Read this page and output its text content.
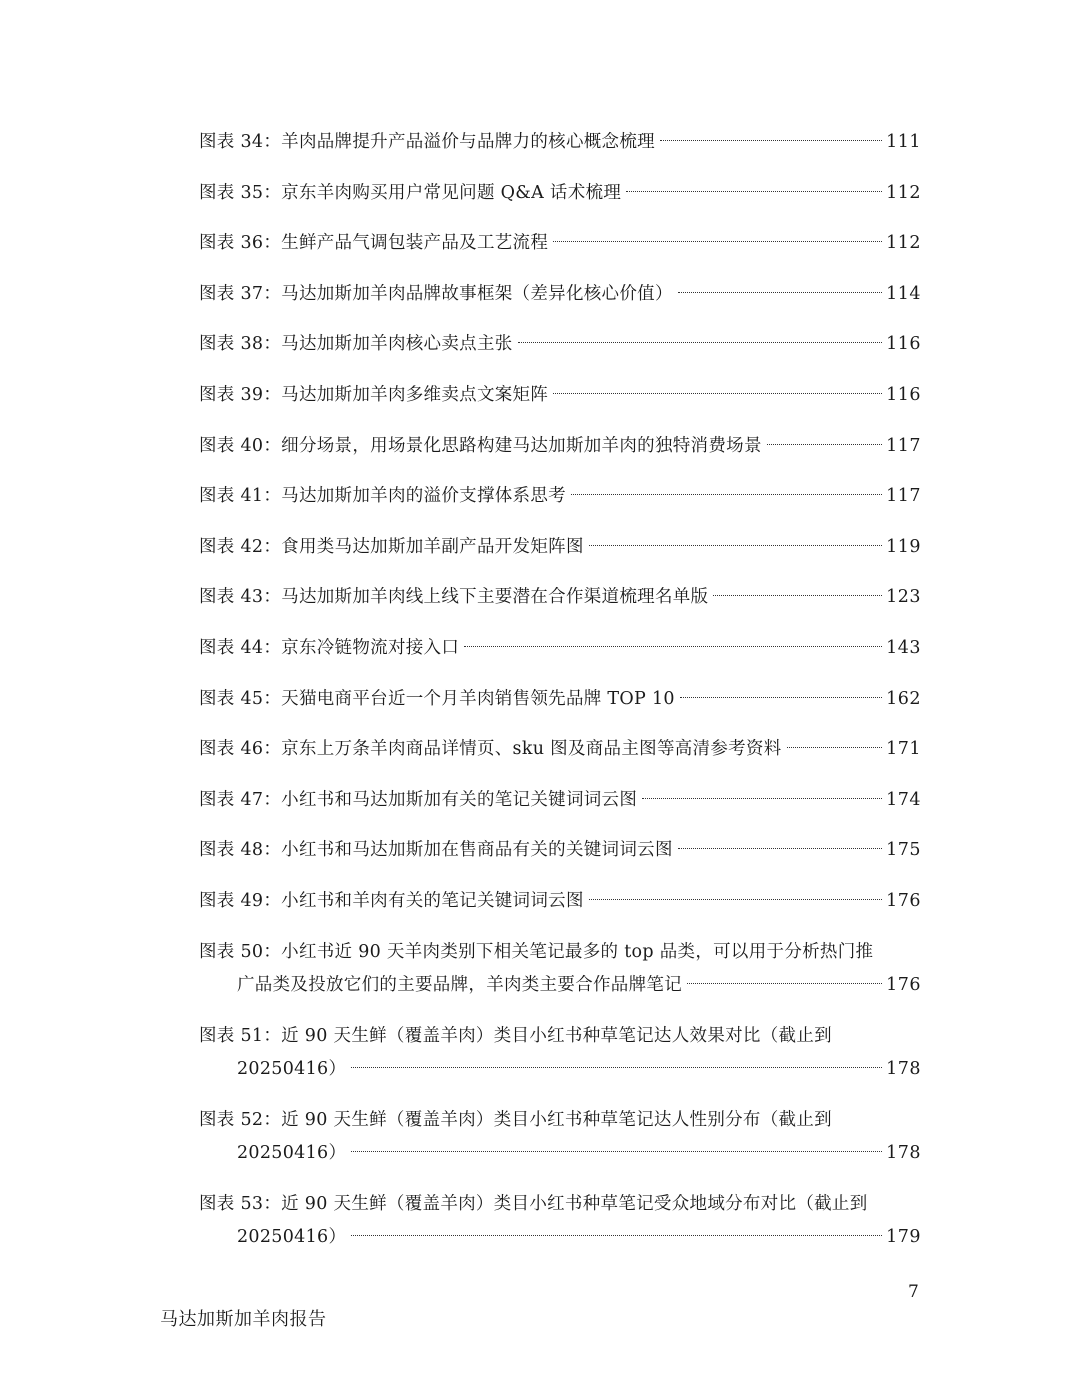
图表 34： 羊肉品牌提升产品溢价与品牌力的核心概念梳理	111
图表 35： 京东羊肉购买用户常见问题 Q&A 话术梳理	112
图表 36： 生鲜产品气调包装产品及工艺流程	112
图表 37： 马达加斯加羊肉品牌故事框架（差异化核心价值）	114
图表 38： 马达加斯加羊肉核心卖点主张	116
图表 39： 马达加斯加羊肉多维卖点文案矩阵	116
图表 40： 细分场景，用场景化思路构建马达加斯加羊肉的独特消费场景	117
图表 41： 马达加斯加羊肉的溢价支撑体系思考	117
图表 42： 食用类马达加斯加羊副产品开发矩阵图	119
图表 43： 马达加斯加羊肉线上线下主要潜在合作渠道梳理名单版	123
图表 44： 京东冷链物流对接入口	143
图表 45： 天猫电商平台近一个月羊肉销售领先品牌 TOP 10	162
图表 46： 京东上万条羊肉商品详情页、sku 图及商品主图等高清参考资料	171
图表 47： 小红书和马达加斯加有关的笔记关键词词云图	174
图表 48： 小红书和马达加斯加在售商品有关的关键词词云图	175
图表 49： 小红书和羊肉有关的笔记关键词词云图	176
图表 50： 小红书近 90 天羊肉类别下相关笔记最多的 top 品类，可以用于分析热门推
广品类及投放它们的主要品牌，羊肉类主要合作品牌笔记	176
图表 51： 近 90 天生鲜（覆盖羊肉）类目小红书种草笔记达人效果对比（截止到
20250416）	178
图表 52： 近 90 天生鲜（覆盖羊肉）类目小红书种草笔记达人性别分布（截止到
20250416）	178
图表 53： 近 90 天生鲜（覆盖羊肉）类目小红书种草笔记受众地域分布对比（截止到
20250416）	179
7
马达加斯加羊肉报告
